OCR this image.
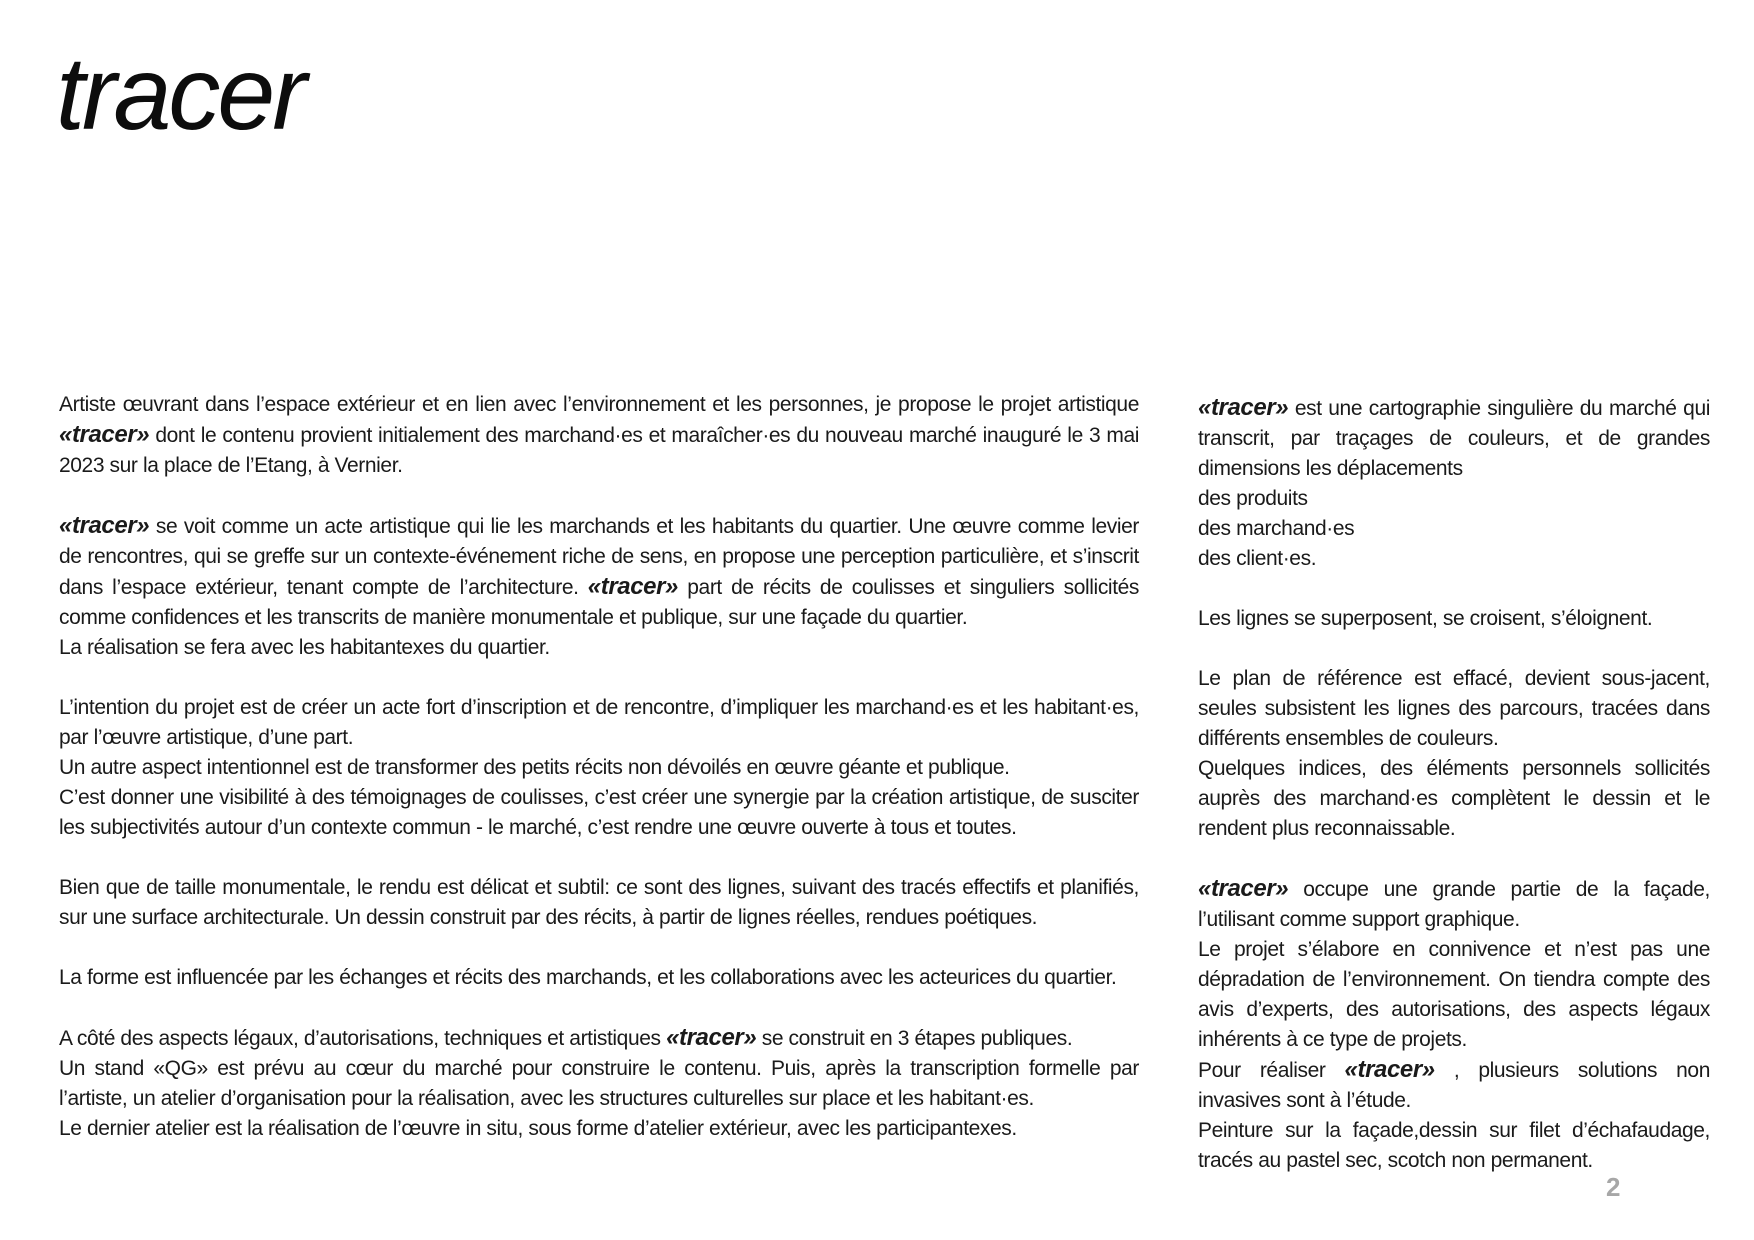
tracer

Artiste œuvrant dans l’espace extérieur et en lien avec l’environnement et les personnes, je propose le projet artistique «tracer» dont le contenu provient initialement des marchand·es et maraîcher·es du nouveau marché inauguré le 3 mai 2023 sur la place de l’Etang, à Vernier.

«tracer» se voit comme un acte artistique qui lie les marchands et les habitants du quartier. Une œuvre comme levier de rencontres, qui se greffe sur un contexte-événement riche de sens, en propose une perception particulière, et s’inscrit dans l’espace extérieur, tenant compte de l’architecture. «tracer» part de récits de coulisses et singuliers sollicités comme confidences et les transcrits de manière monumentale et publique, sur une façade du quartier.
La réalisation se fera avec les habitantexes du quartier.

L’intention du projet est de créer un acte fort d’inscription et de rencontre, d’impliquer les marchand·es et les habitant·es, par l’œuvre artistique, d’une part.
Un autre aspect intentionnel est de transformer des petits récits non dévoilés en œuvre géante et publique.
C’est donner une visibilité à des témoignages de coulisses, c’est créer une synergie par la création artistique, de susciter les subjectivités autour d’un contexte commun - le marché, c’est rendre une œuvre ouverte à tous et toutes.

Bien que de taille monumentale, le rendu est délicat et subtil: ce sont des lignes, suivant des tracés effectifs et planifiés, sur une surface architecturale. Un dessin construit par des récits, à partir de lignes réelles, rendues poétiques.

La forme est influencée par les échanges et récits des marchands, et les collaborations avec les acteurices du quartier.

A côté des aspects légaux, d’autorisations, techniques et artistiques «tracer» se construit en 3 étapes publiques.
Un stand «QG» est prévu au cœur du marché pour construire le contenu. Puis, après la transcription formelle par l’artiste, un atelier d’organisation pour la réalisation, avec les structures culturelles sur place et les habitant·es.
Le dernier atelier est la réalisation de l’œuvre in situ, sous forme d’atelier extérieur, avec les participantexes.

«tracer» est une cartographie singulière du marché qui transcrit, par traçages de couleurs, et de grandes dimensions les déplacements
des produits
des marchand·es
des client·es.

Les lignes se superposent, se croisent, s’éloignent.

Le plan de référence est effacé, devient sous-jacent, seules subsistent les lignes des parcours, tracées dans différents ensembles de couleurs.
Quelques indices, des éléments personnels sollicités auprès des marchand·es complètent le dessin et le rendent plus reconnaissable.

«tracer» occupe une grande partie de la façade, l’utilisant comme support graphique.
Le projet s’élabore en connivence et n’est pas une dépradation de l’environnement. On tiendra compte des avis d’experts, des autorisations, des aspects légaux inhérents à ce type de projets.
Pour réaliser «tracer» , plusieurs solutions non invasives sont à l’étude.
Peinture sur la façade,dessin sur filet d’échafaudage, tracés au pastel sec, scotch non permanent.

2
